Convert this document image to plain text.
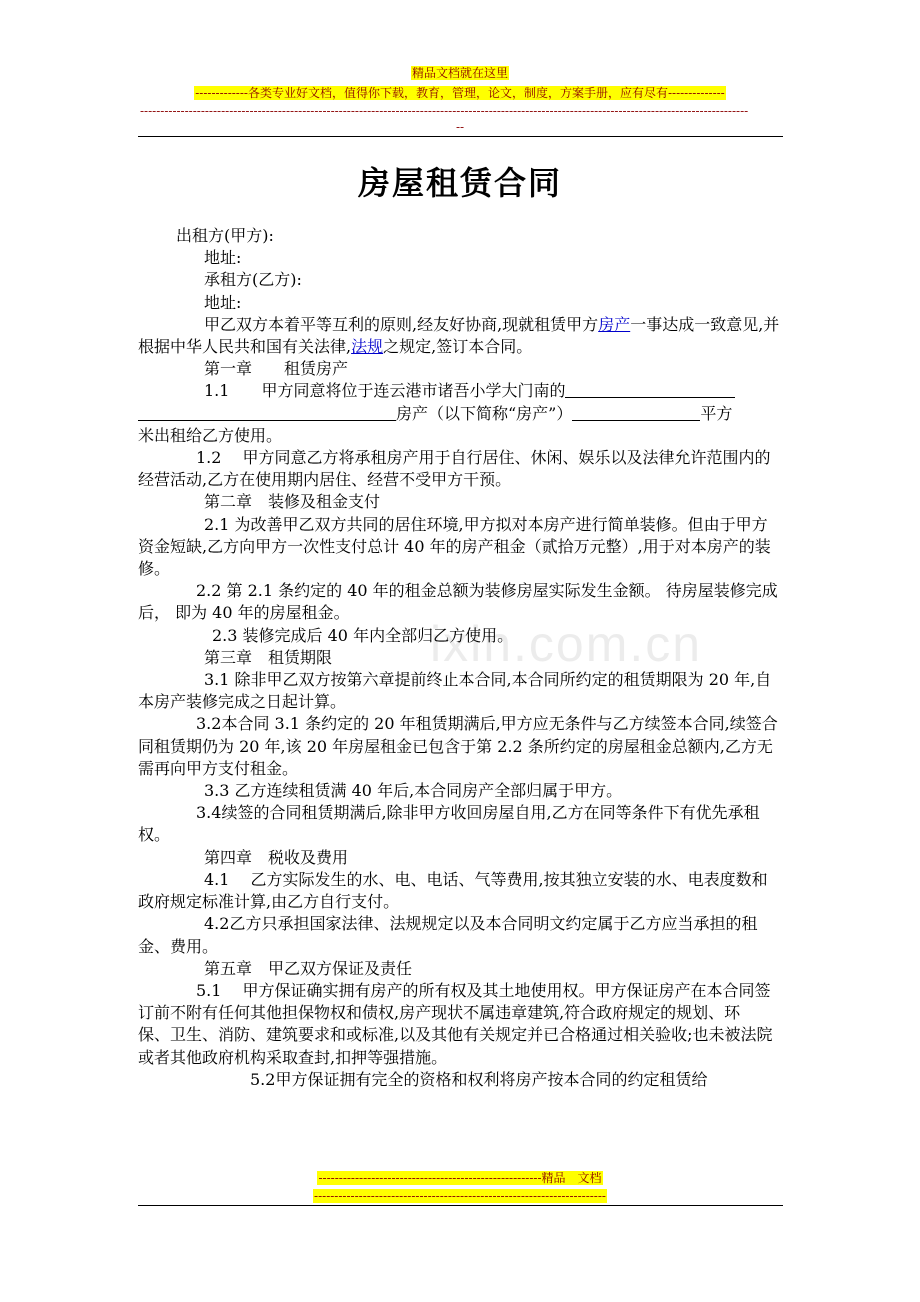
精品文档就在这里
-------------各类专业好文档，值得你下载，教育，管理，论文，制度，方案手册，应有尽有--------------
------------------------------------------------------------------------------------------------------------------------------------------------------
--
房屋租赁合同
ixin.com.cn

出租方(甲方):

地址:

承租方(乙方):

地址:

甲乙双方本着平等互利的原则,经友好协商,现就租赁甲方房产一事达成一致意见,并根据中华人民共和国有关法律,法规之规定,签订本合同。

第一章　　租赁房产

1.1　　甲方同意将位于连云港市诸吾小学大门南的

房产（以下简称“房产”）	平方

米出租给乙方使用。

1.2　 甲方同意乙方将承租房产用于自行居住、休闲、娱乐以及法律允许范围内的经营活动,乙方在使用期内居住、经营不受甲方干预。

第二章　装修及租金支付

2.1 为改善甲乙双方共同的居住环境,甲方拟对本房产进行简单装修。但由于甲方资金短缺,乙方向甲方一次性支付总计 40 年的房产租金（贰拾万元整）,用于对本房产的装修。

2.2 第 2.1 条约定的 40 年的租金总额为装修房屋实际发生金额。 待房屋装修完成后， 即为 40 年的房屋租金。

2.3 装修完成后 40 年内全部归乙方使用。

第三章　租赁期限

3.1 除非甲乙双方按第六章提前终止本合同,本合同所约定的租赁期限为 20 年,自本房产装修完成之日起计算。

3.2本合同 3.1 条约定的 20 年租赁期满后,甲方应无条件与乙方续签本合同,续签合同租赁期仍为 20 年,该 20 年房屋租金已包含于第 2.2 条所约定的房屋租金总额内,乙方无需再向甲方支付租金。

3.3 乙方连续租赁满 40 年后,本合同房产全部归属于甲方。

3.4续签的合同租赁期满后,除非甲方收回房屋自用,乙方在同等条件下有优先承租权。

第四章　税收及费用

4.1　 乙方实际发生的水、电、电话、气等费用,按其独立安装的水、电表度数和政府规定标准计算,由乙方自行支付。

4.2乙方只承担国家法律、法规规定以及本合同明文约定属于乙方应当承担的租金、费用。

第五章　甲乙双方保证及责任

5.1　 甲方保证确实拥有房产的所有权及其土地使用权。甲方保证房产在本合同签订前不附有任何其他担保物权和债权,房产现状不属违章建筑,符合政府规定的规划、环　保、卫生、消防、建筑要求和或标准,以及其他有关规定并已合格通过相关验收;也未被法院或者其他政府机构采取查封,扣押等强措施。

5.2甲方保证拥有完全的资格和权利将房产按本合同的约定租赁给

-------------------------------------------------------精品　文档
------------------------------------------------------------------------
